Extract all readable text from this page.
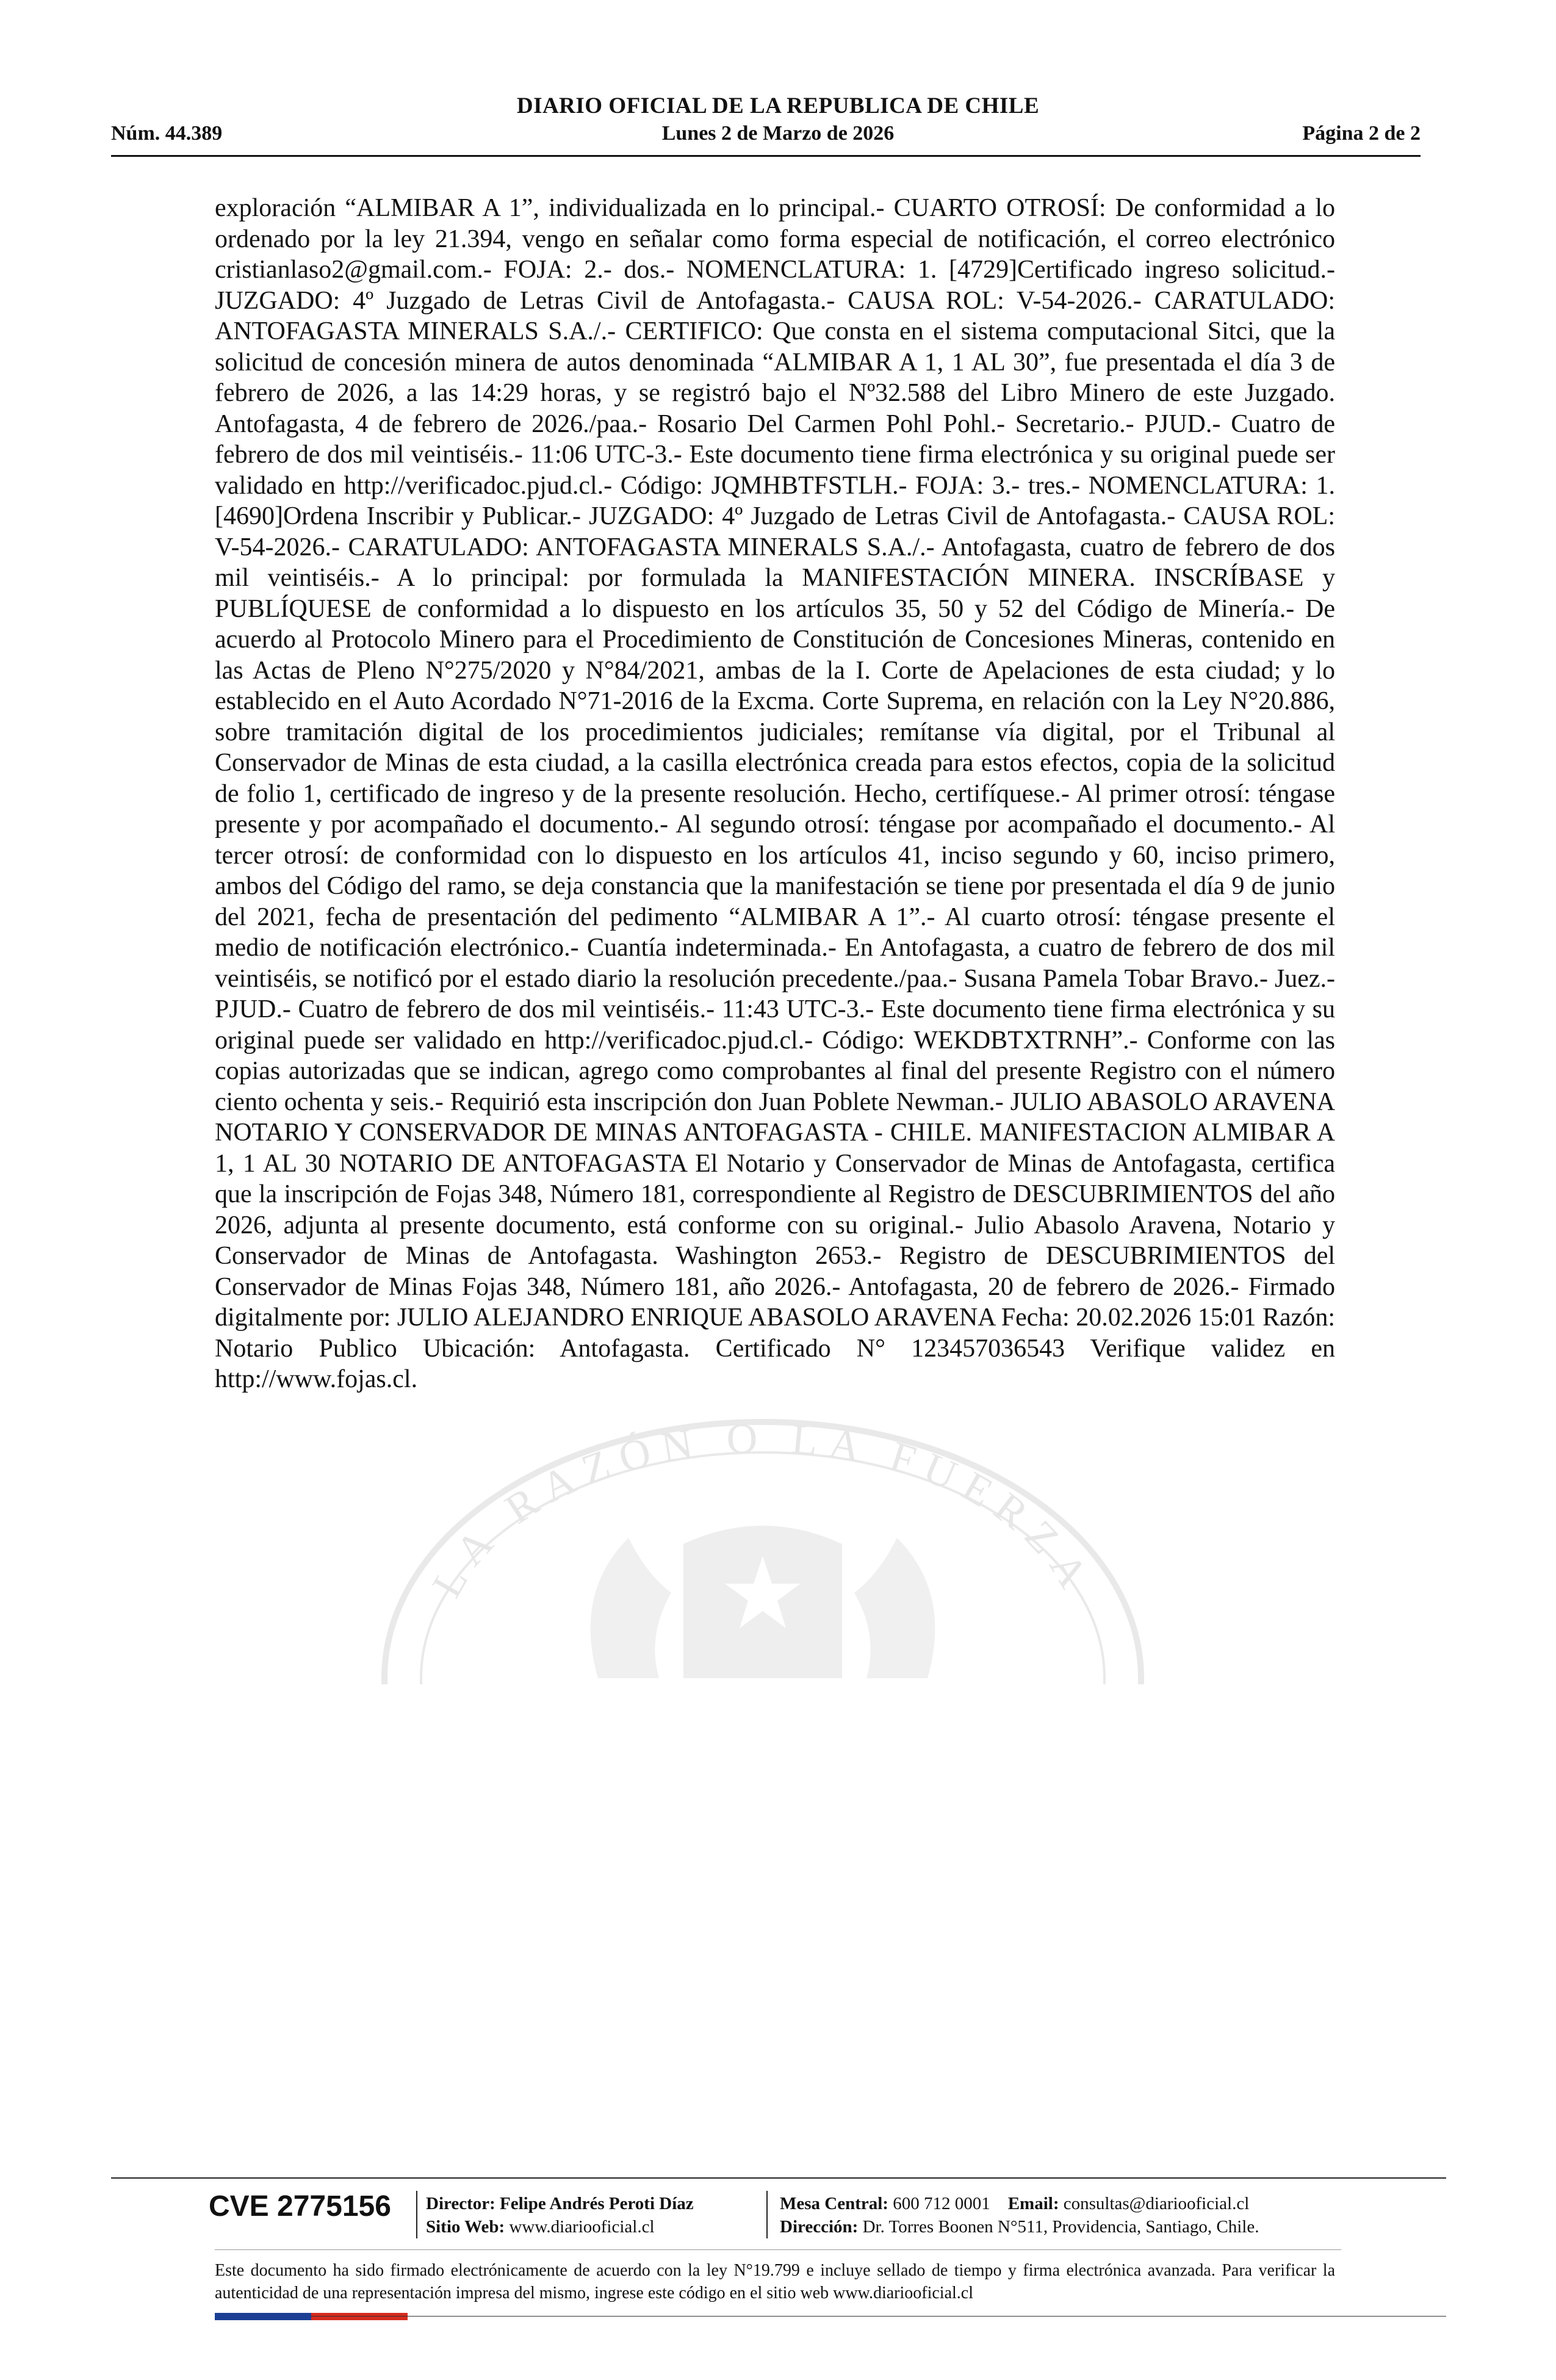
DIARIO OFICIAL DE LA REPUBLICA DE CHILE
Núm. 44.389	Lunes 2 de Marzo de 2026	Página 2 de 2
LA RAZÓN O LA FUERZA
exploración “ALMIBAR A 1”, individualizada en lo principal.- CUARTO OTROSÍ: De conformidad a lo ordenado por la ley 21.394, vengo en señalar como forma especial de notificación, el correo electrónico cristianlaso2@gmail.com.- FOJA: 2.- dos.- NOMENCLATURA: 1. [4729]Certificado ingreso solicitud.- JUZGADO: 4º Juzgado de Letras Civil de Antofagasta.- CAUSA ROL: V-54-2026.- CARATULADO: ANTOFAGASTA MINERALS S.A./.- CERTIFICO: Que consta en el sistema computacional Sitci, que la solicitud de concesión minera de autos denominada “ALMIBAR A 1, 1 AL 30”, fue presentada el día 3 de febrero de 2026, a las 14:29 horas, y se registró bajo el Nº32.588 del Libro Minero de este Juzgado. Antofagasta, 4 de febrero de 2026./paa.- Rosario Del Carmen Pohl Pohl.- Secretario.- PJUD.- Cuatro de febrero de dos mil veintiséis.- 11:06 UTC-3.- Este documento tiene firma electrónica y su original puede ser validado en http://verificadoc.pjud.cl.- Código: JQMHBTFSTLH.- FOJA: 3.- tres.- NOMENCLATURA: 1. [4690]Ordena Inscribir y Publicar.- JUZGADO: 4º Juzgado de Letras Civil de Antofagasta.- CAUSA ROL: V-54-2026.- CARATULADO: ANTOFAGASTA MINERALS S.A./.- Antofagasta, cuatro de febrero de dos mil veintiséis.- A lo principal: por formulada la MANIFESTACIÓN MINERA. INSCRÍBASE y PUBLÍQUESE de conformidad a lo dispuesto en los artículos 35, 50 y 52 del Código de Minería.- De acuerdo al Protocolo Minero para el Procedimiento de Constitución de Concesiones Mineras, contenido en las Actas de Pleno N°275/2020 y N°84/2021, ambas de la I. Corte de Apelaciones de esta ciudad; y lo establecido en el Auto Acordado N°71-2016 de la Excma. Corte Suprema, en relación con la Ley N°20.886, sobre tramitación digital de los procedimientos judiciales; remítanse vía digital, por el Tribunal al Conservador de Minas de esta ciudad, a la casilla electrónica creada para estos efectos, copia de la solicitud de folio 1, certificado de ingreso y de la presente resolución. Hecho, certifíquese.- Al primer otrosí: téngase presente y por acompañado el documento.- Al segundo otrosí: téngase por acompañado el documento.- Al tercer otrosí: de conformidad con lo dispuesto en los artículos 41, inciso segundo y 60, inciso primero, ambos del Código del ramo, se deja constancia que la manifestación se tiene por presentada el día 9 de junio del 2021, fecha de presentación del pedimento “ALMIBAR A 1”.- Al cuarto otrosí: téngase presente el medio de notificación electrónico.- Cuantía indeterminada.- En Antofagasta, a cuatro de febrero de dos mil veintiséis, se notificó por el estado diario la resolución precedente./paa.- Susana Pamela Tobar Bravo.- Juez.- PJUD.- Cuatro de febrero de dos mil veintiséis.- 11:43 UTC-3.- Este documento tiene firma electrónica y su original puede ser validado en http://verificadoc.pjud.cl.- Código: WEKDBTXTRNH”.- Conforme con las copias autorizadas que se indican, agrego como comprobantes al final del presente Registro con el número ciento ochenta y seis.- Requirió esta inscripción don Juan Poblete Newman.- JULIO ABASOLO ARAVENA NOTARIO Y CONSERVADOR DE MINAS ANTOFAGASTA - CHILE. MANIFESTACION ALMIBAR A 1, 1 AL 30 NOTARIO DE ANTOFAGASTA El Notario y Conservador de Minas de Antofagasta, certifica que la inscripción de Fojas 348, Número 181, correspondiente al Registro de DESCUBRIMIENTOS del año 2026, adjunta al presente documento, está conforme con su original.- Julio Abasolo Aravena, Notario y Conservador de Minas de Antofagasta. Washington 2653.- Registro de DESCUBRIMIENTOS del Conservador de Minas Fojas 348, Número 181, año 2026.- Antofagasta, 20 de febrero de 2026.- Firmado digitalmente por: JULIO ALEJANDRO ENRIQUE ABASOLO ARAVENA Fecha: 20.02.2026 15:01 Razón: Notario Publico Ubicación: Antofagasta. Certificado N° 123457036543 Verifique validez en http://www.fojas.cl.
CVE 2775156	Director: Felipe Andrés Peroti Díaz
Sitio Web: www.diariooficial.cl
Mesa Central: 600 712 0001 Email: consultas@diariooficial.cl
Dirección: Dr. Torres Boonen N°511, Providencia, Santiago, Chile.
Este documento ha sido firmado electrónicamente de acuerdo con la ley N°19.799 e incluye sellado de tiempo y firma electrónica avanzada. Para verificar la autenticidad de una representación impresa del mismo, ingrese este código en el sitio web www.diariooficial.cl
